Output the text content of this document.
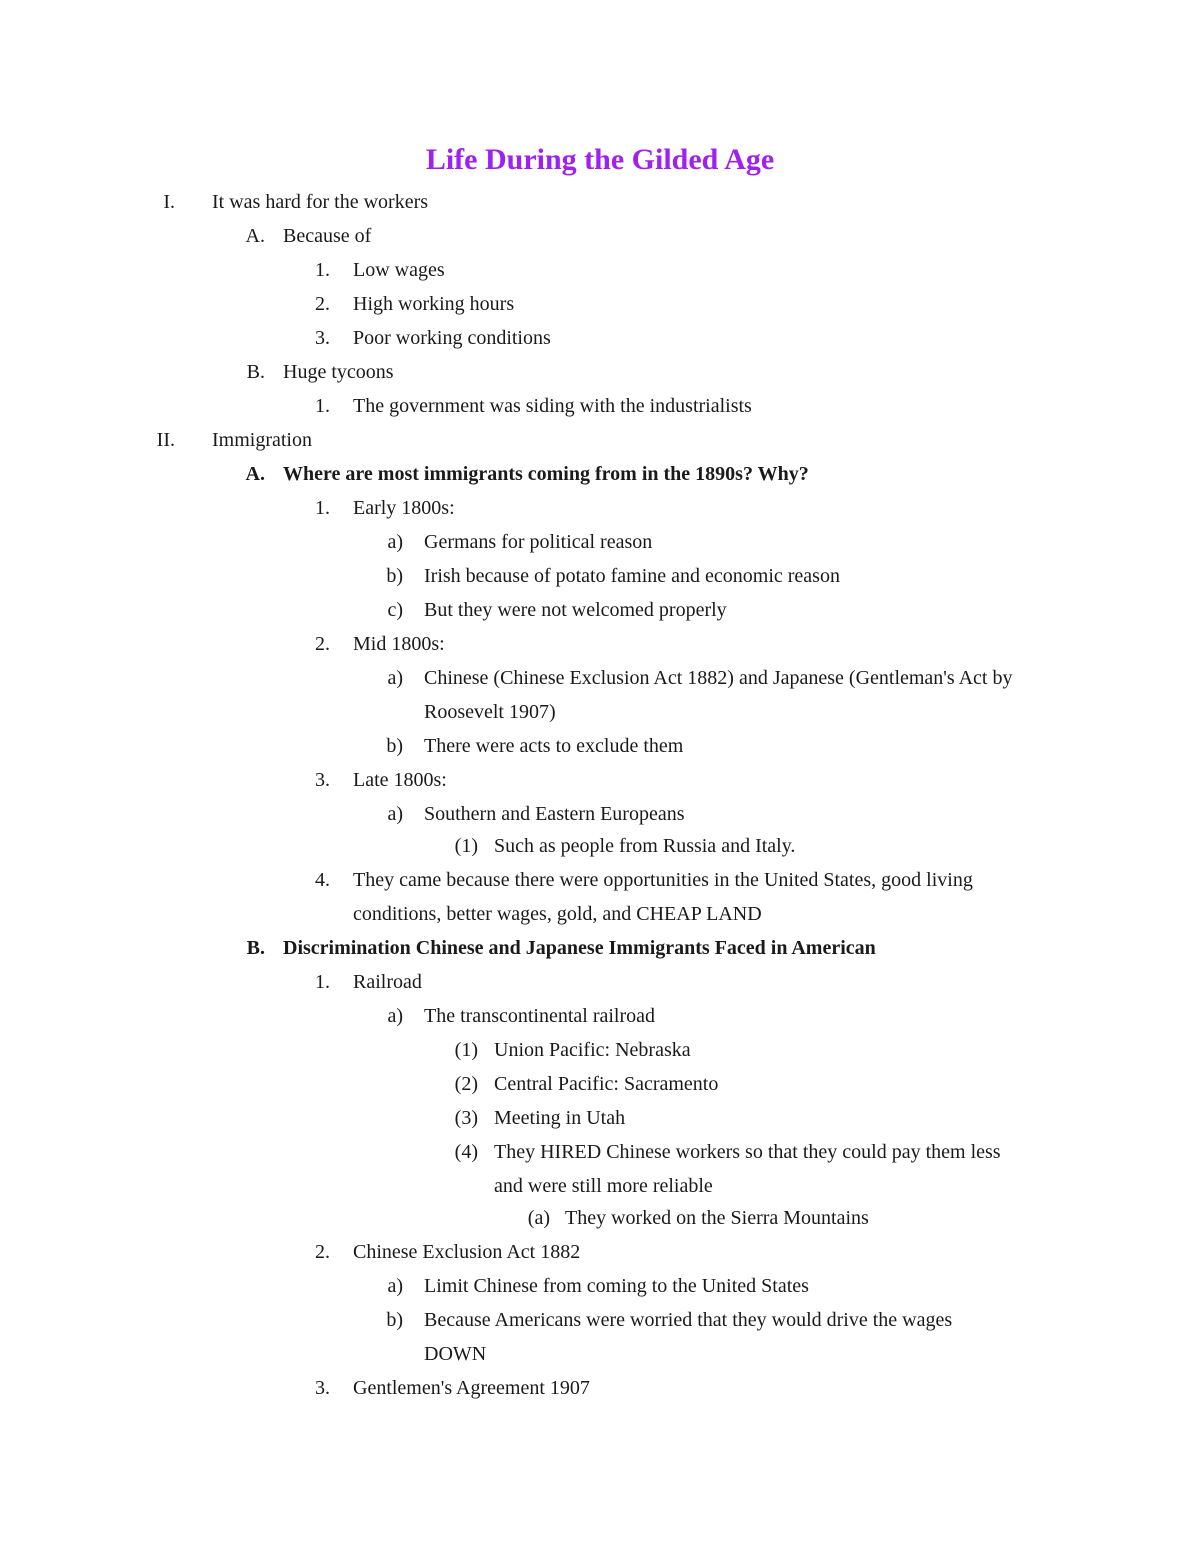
Life During the Gilded Age
I. It was hard for the workers
A. Because of
1. Low wages
2. High working hours
3. Poor working conditions
B. Huge tycoons
1. The government was siding with the industrialists
II. Immigration
A. Where are most immigrants coming from in the 1890s? Why?
1. Early 1800s:
a) Germans for political reason
b) Irish because of potato famine and economic reason
c) But they were not welcomed properly
2. Mid 1800s:
a) Chinese (Chinese Exclusion Act 1882) and Japanese (Gentleman's Act by
Roosevelt 1907)
b) There were acts to exclude them
3. Late 1800s:
a) Southern and Eastern Europeans
(1) Such as people from Russia and Italy.
4. They came because there were opportunities in the United States, good living
conditions, better wages, gold, and CHEAP LAND
B. Discrimination Chinese and Japanese Immigrants Faced in American
1. Railroad
a) The transcontinental railroad
(1) Union Pacific: Nebraska
(2) Central Pacific: Sacramento
(3) Meeting in Utah
(4) They HIRED Chinese workers so that they could pay them less
and were still more reliable
(a) They worked on the Sierra Mountains
2. Chinese Exclusion Act 1882
a) Limit Chinese from coming to the United States
b) Because Americans were worried that they would drive the wages
DOWN
3. Gentlemen's Agreement 1907
